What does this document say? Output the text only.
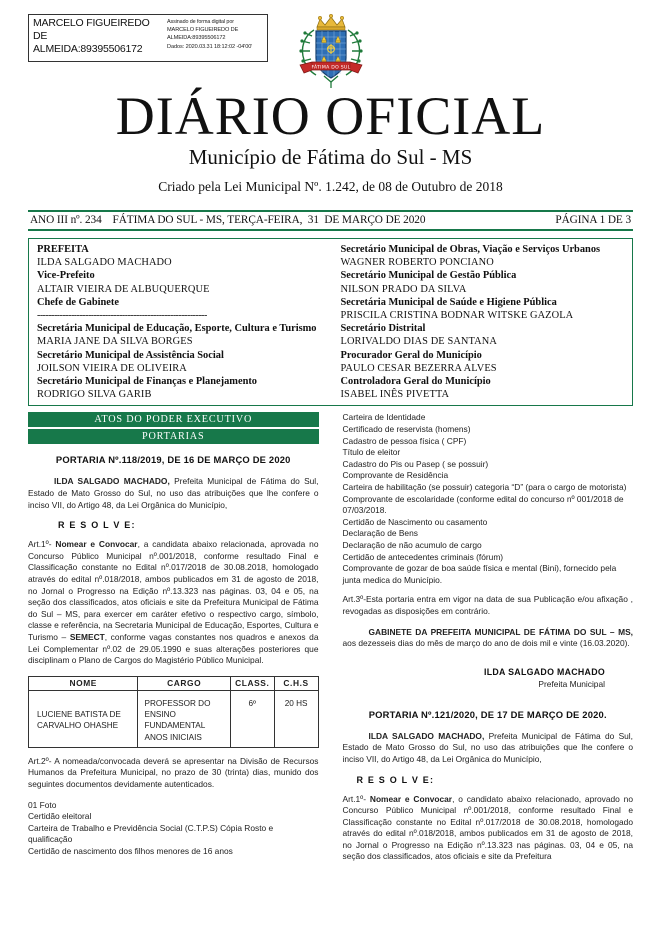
MARCELO FIGUEIREDO
DE
ALMEIDA:89395506172
Assinado de forma digital por
MARCELO FIGUEIREDO DE
ALMEIDA:89395506172
Dados: 2020.03.31 18:12:02 -04'00'
FÁTIMA DO SUL
DIÁRIO OFICIAL
Município de Fátima do Sul - MS
Criado pela Lei Municipal Nº. 1.242, de 08 de Outubro de 2018
ANO III nº. 234    FÁTIMA DO SUL - MS, TERÇA-FEIRA,  31  DE MARÇO DE 2020	PÁGINA 1 DE 3
PREFEITA
ILDA SALGADO MACHADO
Vice-Prefeito
ALTAIR VIEIRA DE ALBUQUERQUE
Chefe de Gabinete
------------------------------------------------------------
Secretária Municipal de Educação, Esporte, Cultura e Turismo
MARIA JANE DA SILVA BORGES
Secretário Municipal de Assistência Social
JOILSON VIEIRA DE OLIVEIRA
Secretário Municipal de Finanças e Planejamento
RODRIGO SILVA GARIB
Secretário Municipal de Obras, Viação e Serviços Urbanos
WAGNER ROBERTO PONCIANO
Secretário Municipal de Gestão Pública
NILSON PRADO DA SILVA
Secretária Municipal de Saúde e Higiene Pública
PRISCILA CRISTINA BODNAR WITSKE GAZOLA
Secretário Distrital
LORIVALDO DIAS DE SANTANA
Procurador Geral do Município
PAULO CESAR BEZERRA ALVES
Controladora Geral do Município
ISABEL INÊS PIVETTA
ATOS DO PODER EXECUTIVO
PORTARIAS
PORTARIA Nº.118/2019, DE 16 DE MARÇO DE 2020

ILDA SALGADO MACHADO, Prefeita Municipal de Fátima do Sul, Estado de Mato Grosso do Sul, no uso das atribuições que lhe confere o inciso VII, do Artigo 48, da Lei Orgânica do Município,

R E S O L V E:

Art.1º- Nomear e Convocar, a candidata abaixo relacionada, aprovada no Concurso Público Municipal nº.001/2018, conforme resultado Final e Classificação constante no Edital nº.017/2018 de 30.08.2018, homologado através do edital nº.018/2018, ambos publicados em 31 de agosto de 2018, no Jornal o Progresso na Edição nº.13.323 nas páginas. 03, 04 e 05, na seção dos classificados, atos oficiais e site da Prefeitura Municipal de Fátima do Sul – MS, para exercer em caráter efetivo o respectivo cargo, símbolo, classe e referência, na Secretaria Municipal de Educação, Esportes, Cultura e Turismo – SEMECT, conforme vagas constantes nos quadros e anexos da Lei Complementar nº.02 de 29.05.1990 e suas alterações posteriores que disciplinam o Plano de Cargos do Magistério Público Municipal.

NOME	CARGO	CLASS.	C.H.S
LUCIENE BATISTA DE CARVALHO OHASHE	PROFESSOR DO ENSINO FUNDAMENTAL ANOS INICIAIS	6º	20 HS

Art.2º- A nomeada/convocada deverá se apresentar na Divisão de Recursos Humanos da Prefeitura Municipal, no prazo de 30 (trinta) dias, munido dos seguintes documentos devidamente autenticados.

01 Foto
Certidão eleitoral
Carteira de Trabalho e Previdência Social (C.T.P.S) Cópia Rosto e qualificação
Certidão de nascimento dos filhos menores de 16 anos
Carteira de Identidade
Certificado de reservista (homens)
Cadastro de pessoa física ( CPF)
Título de eleitor
Cadastro do Pis ou Pasep ( se possuir)
Comprovante de Residência
Carteira de habilitação (se possuir) categoria “D” (para o cargo de motorista)
Comprovante de escolaridade (conforme edital do concurso nº 001/2018 de 07/03/2018.
Certidão de Nascimento ou casamento
Declaração de Bens
Declaração de não acumulo de cargo
Certidão de antecedentes criminais (fórum)
Comprovante de gozar de boa saúde física e mental (Bini), fornecido pela junta medica do Município.

Art.3º-Esta portaria entra em vigor na data de sua Publicação e/ou afixação , revogadas as disposições em contrário.

GABINETE DA PREFEITA MUNICIPAL DE FÁTIMA DO SUL – MS, aos dezesseis dias do mês de março do ano de dois mil e vinte (16.03.2020).

ILDA SALGADO MACHADO
Prefeita Municipal
PORTARIA Nº.121/2020, DE 17 DE MARÇO DE 2020.

ILDA SALGADO MACHADO, Prefeita Municipal de Fátima do Sul, Estado de Mato Grosso do Sul, no uso das atribuições que lhe confere o inciso VII, do Artigo 48, da Lei Orgânica do Município,

R E S O L V E:

Art.1º- Nomear e Convocar, o candidato abaixo relacionado, aprovado no Concurso Público Municipal nº.001/2018, conforme resultado Final e Classificação constante no Edital nº.017/2018 de 30.08.2018, homologado através do edital nº.018/2018, ambos publicados em 31 de agosto de 2018, no Jornal o Progresso na Edição nº.13.323 nas páginas. 03, 04 e 05, na seção dos classificados, atos oficiais e site da Prefeitura
